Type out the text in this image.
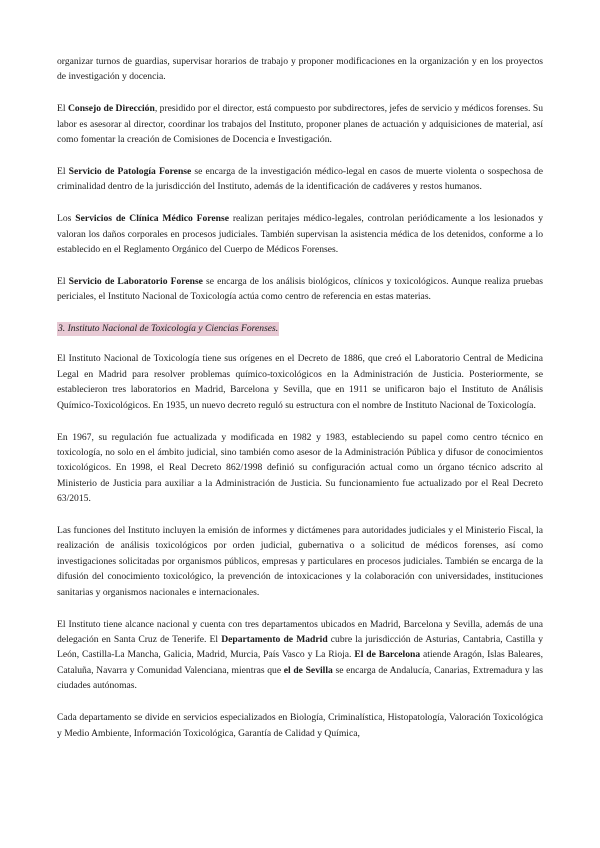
organizar turnos de guardias, supervisar horarios de trabajo y proponer modificaciones en la organización y en los proyectos de investigación y docencia.

El Consejo de Dirección, presidido por el director, está compuesto por subdirectores, jefes de servicio y médicos forenses. Su labor es asesorar al director, coordinar los trabajos del Instituto, proponer planes de actuación y adquisiciones de material, así como fomentar la creación de Comisiones de Docencia e Investigación.

El Servicio de Patología Forense se encarga de la investigación médico-legal en casos de muerte violenta o sospechosa de criminalidad dentro de la jurisdicción del Instituto, además de la identificación de cadáveres y restos humanos.

Los Servicios de Clínica Médico Forense realizan peritajes médico-legales, controlan periódicamente a los lesionados y valoran los daños corporales en procesos judiciales. También supervisan la asistencia médica de los detenidos, conforme a lo establecido en el Reglamento Orgánico del Cuerpo de Médicos Forenses.

El Servicio de Laboratorio Forense se encarga de los análisis biológicos, clínicos y toxicológicos. Aunque realiza pruebas periciales, el Instituto Nacional de Toxicología actúa como centro de referencia en estas materias.

3. Instituto Nacional de Toxicología y Ciencias Forenses.

El Instituto Nacional de Toxicología tiene sus orígenes en el Decreto de 1886, que creó el Laboratorio Central de Medicina Legal en Madrid para resolver problemas químico-toxicológicos en la Administración de Justicia. Posteriormente, se establecieron tres laboratorios en Madrid, Barcelona y Sevilla, que en 1911 se unificaron bajo el Instituto de Análisis Químico-Toxicológicos. En 1935, un nuevo decreto reguló su estructura con el nombre de Instituto Nacional de Toxicología.

En 1967, su regulación fue actualizada y modificada en 1982 y 1983, estableciendo su papel como centro técnico en toxicología, no solo en el ámbito judicial, sino también como asesor de la Administración Pública y difusor de conocimientos toxicológicos. En 1998, el Real Decreto 862/1998 definió su configuración actual como un órgano técnico adscrito al Ministerio de Justicia para auxiliar a la Administración de Justicia. Su funcionamiento fue actualizado por el Real Decreto 63/2015.

Las funciones del Instituto incluyen la emisión de informes y dictámenes para autoridades judiciales y el Ministerio Fiscal, la realización de análisis toxicológicos por orden judicial, gubernativa o a solicitud de médicos forenses, así como investigaciones solicitadas por organismos públicos, empresas y particulares en procesos judiciales. También se encarga de la difusión del conocimiento toxicológico, la prevención de intoxicaciones y la colaboración con universidades, instituciones sanitarias y organismos nacionales e internacionales.

El Instituto tiene alcance nacional y cuenta con tres departamentos ubicados en Madrid, Barcelona y Sevilla, además de una delegación en Santa Cruz de Tenerife. El Departamento de Madrid cubre la jurisdicción de Asturias, Cantabria, Castilla y León, Castilla-La Mancha, Galicia, Madrid, Murcia, País Vasco y La Rioja. El de Barcelona atiende Aragón, Islas Baleares, Cataluña, Navarra y Comunidad Valenciana, mientras que el de Sevilla se encarga de Andalucía, Canarias, Extremadura y las ciudades autónomas.

Cada departamento se divide en servicios especializados en Biología, Criminalística, Histopatología, Valoración Toxicológica y Medio Ambiente, Información Toxicológica, Garantía de Calidad y Química,
